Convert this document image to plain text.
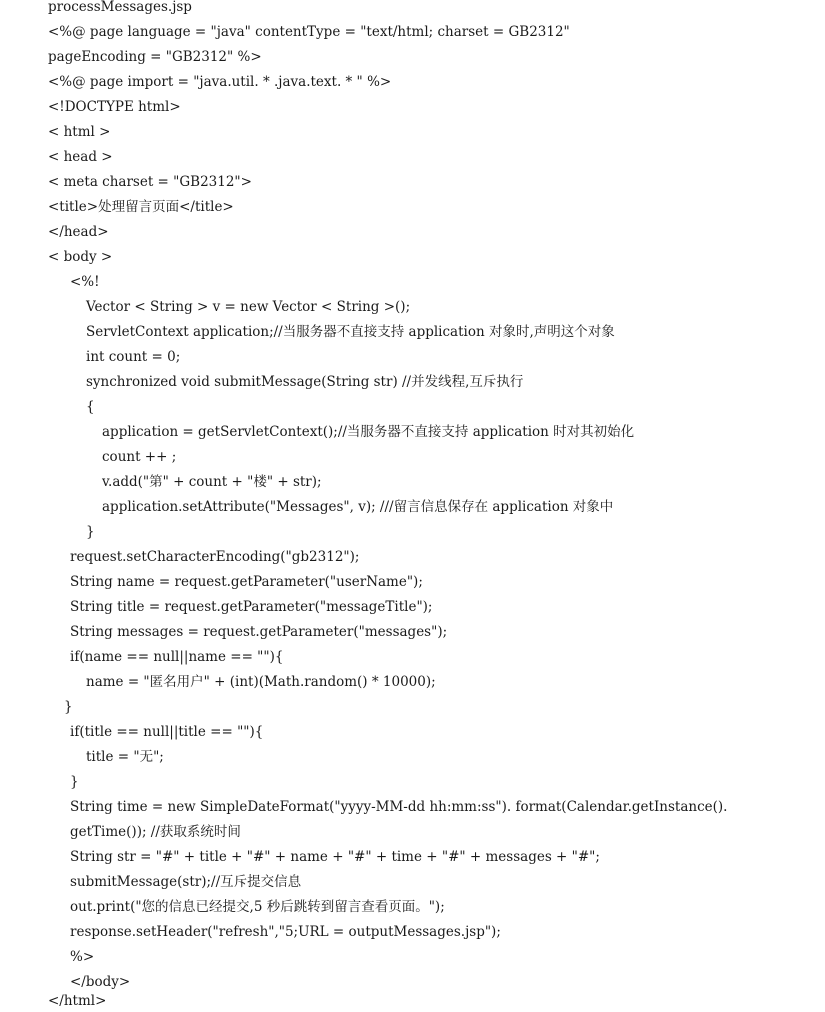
processMessages.jsp
<%@ page language = "java" contentType = "text/html; charset = GB2312"
pageEncoding = "GB2312" %>
<%@ page import = "java.util. * .java.text. * " %>
<!DOCTYPE html>
< html >
< head >
< meta charset = "GB2312">
<title>处理留言页面</title>
</head>
< body >
<%!
Vector < String > v = new Vector < String >();
ServletContext application;//当服务器不直接支持 application 对象时,声明这个对象
int count = 0;
synchronized void submitMessage(String str) //并发线程,互斥执行
{
application = getServletContext();//当服务器不直接支持 application 时对其初始化
count ++ ;
v.add("第" + count + "楼" + str);
application.setAttribute("Messages", v); ///留言信息保存在 application 对象中
}
request.setCharacterEncoding("gb2312");
String name = request.getParameter("userName");
String title = request.getParameter("messageTitle");
String messages = request.getParameter("messages");
if(name == null||name == ""){
name = "匿名用户" + (int)(Math.random() * 10000);
}
if(title == null||title == ""){
title = "无";
}
String time = new SimpleDateFormat("yyyy-MM-dd hh:mm:ss"). format(Calendar.getInstance().
getTime()); //获取系统时间
String str = "#" + title + "#" + name + "#" + time + "#" + messages + "#";
submitMessage(str);//互斥提交信息
out.print("您的信息已经提交,5 秒后跳转到留言查看页面。");
response.setHeader("refresh","5;URL = outputMessages.jsp");
%>
</body>
</html>
